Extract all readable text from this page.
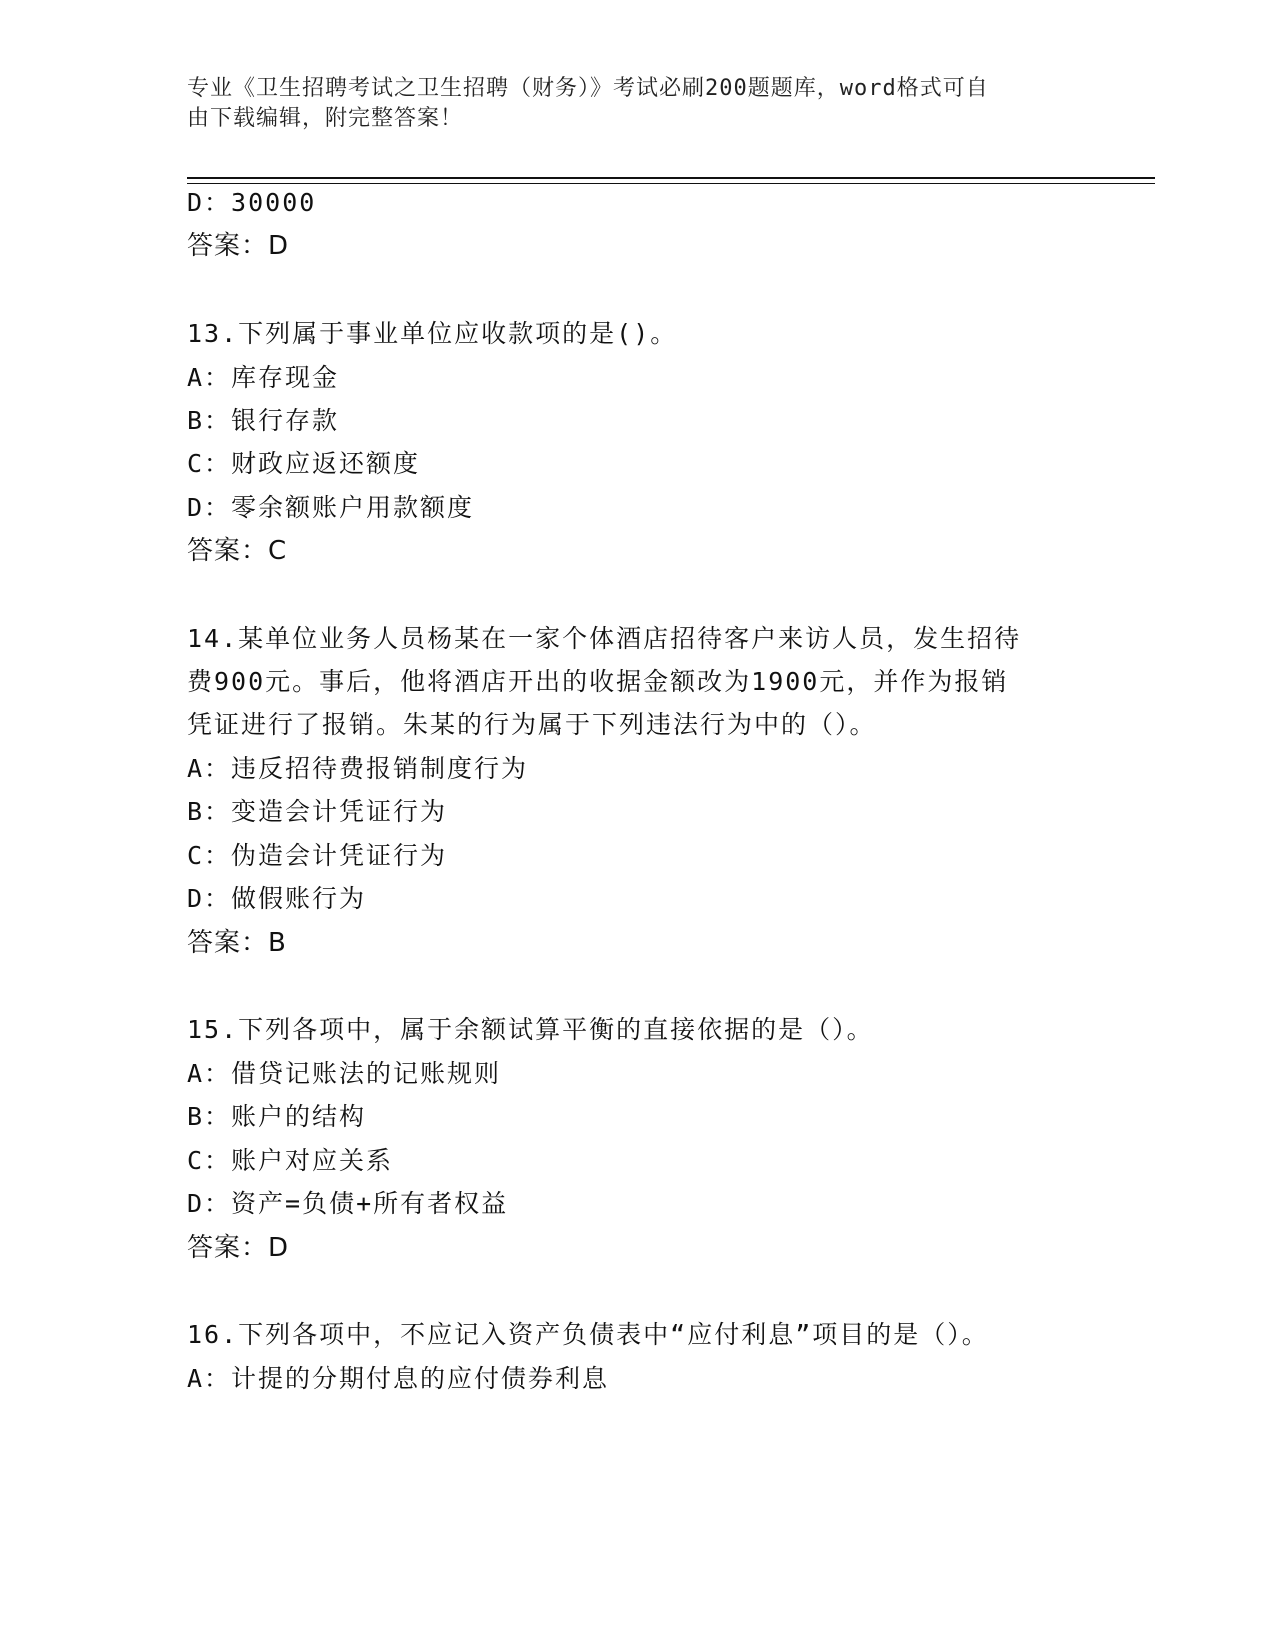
专业《卫生招聘考试之卫生招聘（财务）》考试必刷200题题库，word格式可自
由下载编辑，附完整答案！
D：30000
答案：D
13.下列属于事业单位应收款项的是()。
A：库存现金
B：银行存款
C：财政应返还额度
D：零余额账户用款额度
答案：C
14.某单位业务人员杨某在一家个体酒店招待客户来访人员，发生招待
费900元。事后，他将酒店开出的收据金额改为1900元，并作为报销
凭证进行了报销。朱某的行为属于下列违法行为中的（）。
A：违反招待费报销制度行为
B：变造会计凭证行为
C：伪造会计凭证行为
D：做假账行为
答案：B
15.下列各项中，属于余额试算平衡的直接依据的是（）。
A：借贷记账法的记账规则
B：账户的结构
C：账户对应关系
D：资产=负债+所有者权益
答案：D
16.下列各项中，不应记入资产负债表中“应付利息”项目的是（）。
A：计提的分期付息的应付债券利息
